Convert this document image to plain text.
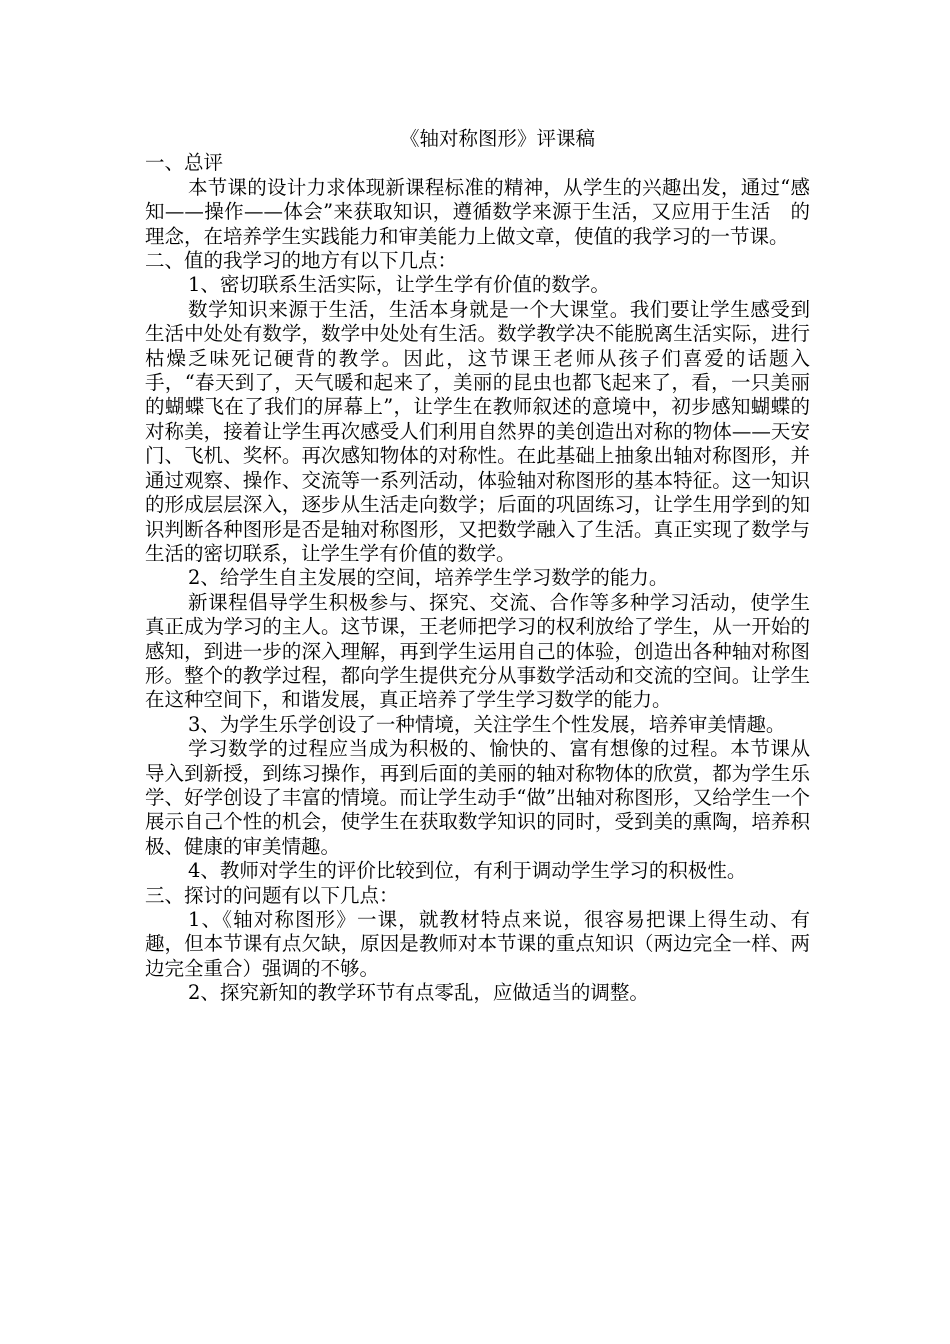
《轴对称图形》评课稿

一、总评

本节课的设计力求体现新课程标准的精神，从学生的兴趣出发，通过“感知——操作——体会”来获取知识，遵循数学来源于生活，又应用于生活　的理念，在培养学生实践能力和审美能力上做文章，使值的我学习的一节课。

二、值的我学习的地方有以下几点：

1、密切联系生活实际，让学生学有价值的数学。

数学知识来源于生活，生活本身就是一个大课堂。我们要让学生感受到生活中处处有数学，数学中处处有生活。数学教学决不能脱离生活实际，进行枯燥乏味死记硬背的教学。因此，这节课王老师从孩子们喜爱的话题入手，“春天到了，天气暖和起来了，美丽的昆虫也都飞起来了，看，一只美丽的蝴蝶飞在了我们的屏幕上”，让学生在教师叙述的意境中，初步感知蝴蝶的对称美，接着让学生再次感受人们利用自然界的美创造出对称的物体——天安门、飞机、奖杯。再次感知物体的对称性。在此基础上抽象出轴对称图形，并通过观察、操作、交流等一系列活动，体验轴对称图形的基本特征。这一知识的形成层层深入，逐步从生活走向数学；后面的巩固练习，让学生用学到的知识判断各种图形是否是轴对称图形，又把数学融入了生活。真正实现了数学与生活的密切联系，让学生学有价值的数学。

2、给学生自主发展的空间，培养学生学习数学的能力。

新课程倡导学生积极参与、探究、交流、合作等多种学习活动，使学生真正成为学习的主人。这节课，王老师把学习的权利放给了学生，从一开始的感知，到进一步的深入理解，再到学生运用自己的体验，创造出各种轴对称图形。整个的教学过程，都向学生提供充分从事数学活动和交流的空间。让学生在这种空间下，和谐发展，真正培养了学生学习数学的能力。

3、为学生乐学创设了一种情境，关注学生个性发展，培养审美情趣。

学习数学的过程应当成为积极的、愉快的、富有想像的过程。本节课从导入到新授，到练习操作，再到后面的美丽的轴对称物体的欣赏，都为学生乐学、好学创设了丰富的情境。而让学生动手“做”出轴对称图形，又给学生一个展示自己个性的机会，使学生在获取数学知识的同时，受到美的熏陶，培养积极、健康的审美情趣。

4、教师对学生的评价比较到位，有利于调动学生学习的积极性。

三、探讨的问题有以下几点：

1、《轴对称图形》一课，就教材特点来说，很容易把课上得生动、有趣，但本节课有点欠缺，原因是教师对本节课的重点知识（两边完全一样、两边完全重合）强调的不够。

2、探究新知的教学环节有点零乱，应做适当的调整。
